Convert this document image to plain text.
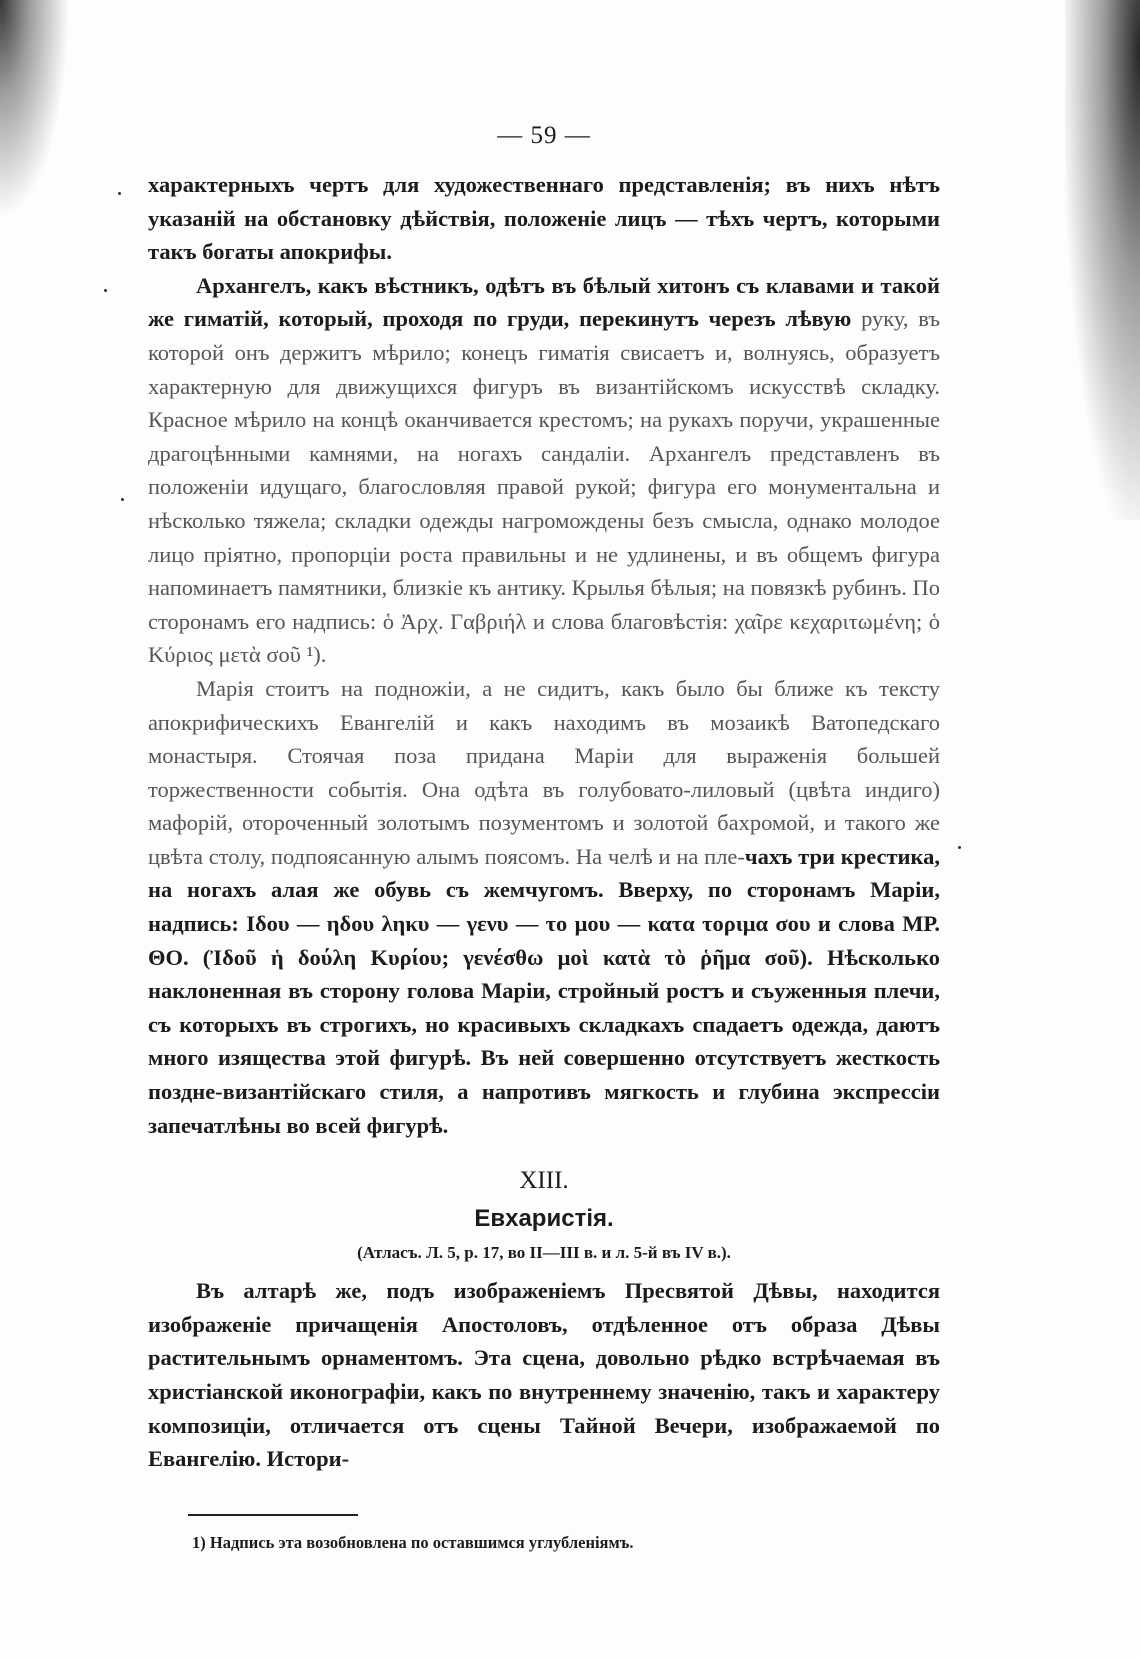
— 59 —

характерныхъ чертъ для художественнаго представленія; въ нихъ нѣтъ указаній на обстановку дѣйствія, положеніе лицъ — тѣхъ чертъ, которыми такъ богаты апокрифы.

Архангелъ, какъ вѣстникъ, одѣтъ въ бѣлый хитонъ съ клавами и такой же гиматій, который, проходя по груди, перекинутъ черезъ лѣвую руку, въ которой онъ держитъ мѣрило; конецъ гиматія свисаетъ и, волнуясь, образуетъ характерную для движущихся фигуръ въ византійскомъ искусствѣ складку. Красное мѣрило на концѣ оканчивается крестомъ; на рукахъ поручи, украшенные драгоцѣнными камнями, на ногахъ сандаліи. Архангелъ представленъ въ положеніи идущаго, благословляя правой рукой; фигура его монументальна и нѣсколько тяжела; складки одежды нагромождены безъ смысла, однако молодое лицо пріятно, пропорціи роста правильны и не удлинены, и въ общемъ фигура напоминаетъ памятники, близкіе къ антику. Крылья бѣлыя; на повязкѣ рубинъ. По сторонамъ его надпись: ὁ Ἀρχ. Γαβριήλ и слова благовѣстія: χαῖρε κεχαριτωμένη; ὁ Κύριος μετὰ σοῦ ¹).

Марія стоитъ на подножіи, а не сидитъ, какъ было бы ближе къ тексту апокрифическихъ Евангелій и какъ находимъ въ мозаикѣ Ватопедскаго монастыря. Стоячая поза придана Маріи для выраженія большей торжественности событія. Она одѣта въ голубовато-лиловый (цвѣта индиго) мафорій, отороченный золотымъ позументомъ и золотой бахромой, и такого же цвѣта столу, подпоясанную алымъ поясомъ. На челѣ и на пле-чахъ три крестика, на ногахъ алая же обувь съ жемчугомъ. Вверху, по сторонамъ Маріи, надпись: Ιδου — ηδου ληκυ — γενυ — το μου — κατα τοριμα σου и слова МР. ΘΟ. (Ἰδοῦ ἡ δούλη Κυρίου; γενέσθω μοὶ κατὰ τὸ ῥῆμα σοῦ). Нѣсколько наклоненная въ сторону голова Маріи, стройный ростъ и съуженныя плечи, съ которыхъ въ строгихъ, но красивыхъ складкахъ спадаетъ одежда, даютъ много изящества этой фигурѣ. Въ ней совершенно отсутствуетъ жесткость поздне-византійскаго стиля, а напротивъ мягкость и глубина экспрессіи запечатлѣны во всей фигурѣ.

XIII.
Евхаристія.
(Атласъ. Л. 5, р. 17, во II—III в. и л. 5-й въ IV в.).

Въ алтарѣ же, подъ изображеніемъ Пресвятой Дѣвы, находится изображеніе причащенія Апостоловъ, отдѣленное отъ образа Дѣвы растительнымъ орнаментомъ. Эта сцена, довольно рѣдко встрѣчаемая въ христіанской иконографіи, какъ по внутреннему значенію, такъ и характеру композиціи, отличается отъ сцены Тайной Вечери, изображаемой по Евангелію. Истори-

1) Надпись эта возобновлена по оставшимся углубленіямъ.
